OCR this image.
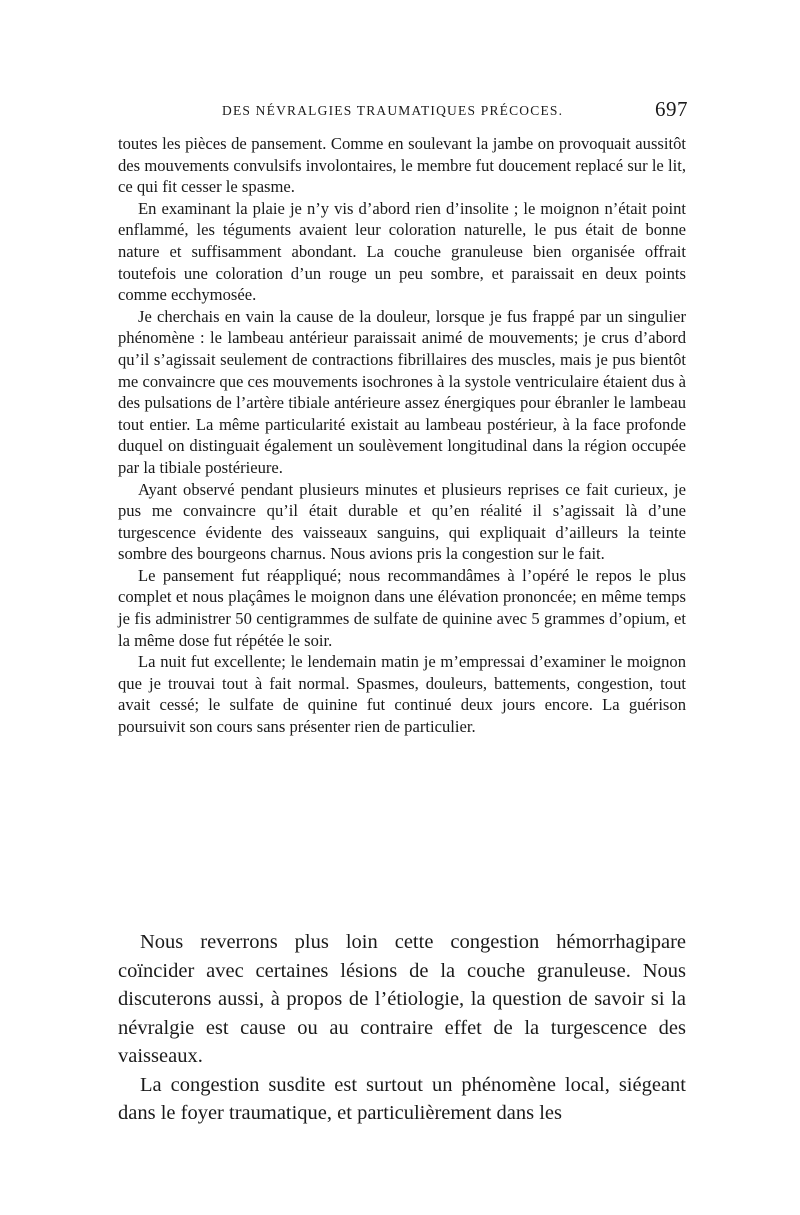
DES NÉVRALGIES TRAUMATIQUES PRÉCOCES.	697

toutes les pièces de pansement. Comme en soulevant la jambe on provoquait aussitôt des mouvements convulsifs involontaires, le membre fut doucement replacé sur le lit, ce qui fit cesser le spasme.

En examinant la plaie je n’y vis d’abord rien d’insolite ; le moignon n’était point enflammé, les téguments avaient leur coloration naturelle, le pus était de bonne nature et suffisamment abondant. La couche granuleuse bien organisée offrait toutefois une coloration d’un rouge un peu sombre, et paraissait en deux points comme ecchymosée.

Je cherchais en vain la cause de la douleur, lorsque je fus frappé par un singulier phénomène : le lambeau antérieur paraissait animé de mouvements; je crus d’abord qu’il s’agissait seulement de contractions fibrillaires des muscles, mais je pus bientôt me convaincre que ces mouvements isochrones à la systole ventriculaire étaient dus à des pulsations de l’artère tibiale antérieure assez énergiques pour ébranler le lambeau tout entier. La même particularité existait au lambeau postérieur, à la face profonde duquel on distinguait également un soulèvement longitudinal dans la région occupée par la tibiale postérieure.

Ayant observé pendant plusieurs minutes et plusieurs reprises ce fait curieux, je pus me convaincre qu’il était durable et qu’en réalité il s’agissait là d’une turgescence évidente des vaisseaux sanguins, qui expliquait d’ailleurs la teinte sombre des bourgeons charnus. Nous avions pris la congestion sur le fait.

Le pansement fut réappliqué; nous recommandâmes à l’opéré le repos le plus complet et nous plaçâmes le moignon dans une élévation prononcée; en même temps je fis administrer 50 centigrammes de sulfate de quinine avec 5 grammes d’opium, et la même dose fut répétée le soir.

La nuit fut excellente; le lendemain matin je m’empressai d’examiner le moignon que je trouvai tout à fait normal. Spasmes, douleurs, battements, congestion, tout avait cessé; le sulfate de quinine fut continué deux jours encore. La guérison poursuivit son cours sans présenter rien de particulier.

Nous reverrons plus loin cette congestion hémorrhagipare coïncider avec certaines lésions de la couche granuleuse. Nous discuterons aussi, à propos de l’étiologie, la question de savoir si la névralgie est cause ou au contraire effet de la turgescence des vaisseaux.

La congestion susdite est surtout un phénomène local, siégeant dans le foyer traumatique, et particulièrement dans les
